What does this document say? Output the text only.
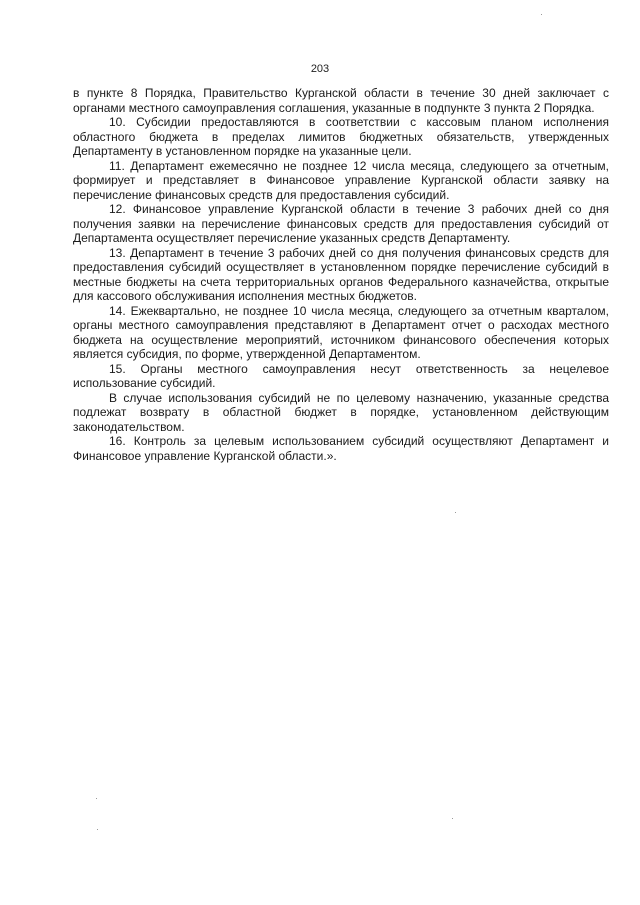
203

в пункте 8 Порядка, Правительство Курганской области в течение 30 дней заключает с органами местного самоуправления соглашения, указанные в подпункте 3 пункта 2 Порядка.

10. Субсидии предоставляются в соответствии с кассовым планом исполнения областного бюджета в пределах лимитов бюджетных обязательств, утвержденных Департаменту в установленном порядке на указанные цели.

11. Департамент ежемесячно не позднее 12 числа месяца, следующего за отчетным, формирует и представляет в Финансовое управление Курганской области заявку на перечисление финансовых средств для предоставления субсидий.

12. Финансовое управление Курганской области в течение 3 рабочих дней со дня получения заявки на перечисление финансовых средств для предоставления субсидий от Департамента осуществляет перечисление указанных средств Департаменту.

13. Департамент в течение 3 рабочих дней со дня получения финансовых средств для предоставления субсидий осуществляет в установленном порядке перечисление субсидий в местные бюджеты на счета территориальных органов Федерального казначейства, открытые для кассового обслуживания исполнения местных бюджетов.

14. Ежеквартально, не позднее 10 числа месяца, следующего за отчетным кварталом, органы местного самоуправления представляют в Департамент отчет о расходах местного бюджета на осуществление мероприятий, источником финансового обеспечения которых является субсидия, по форме, утвержденной Департаментом.

15. Органы местного самоуправления несут ответственность за нецелевое использование субсидий.

В случае использования субсидий не по целевому назначению, указанные средства подлежат возврату в областной бюджет в порядке, установленном действующим законодательством.

16. Контроль за целевым использованием субсидий осуществляют Департамент и Финансовое управление Курганской области.».
